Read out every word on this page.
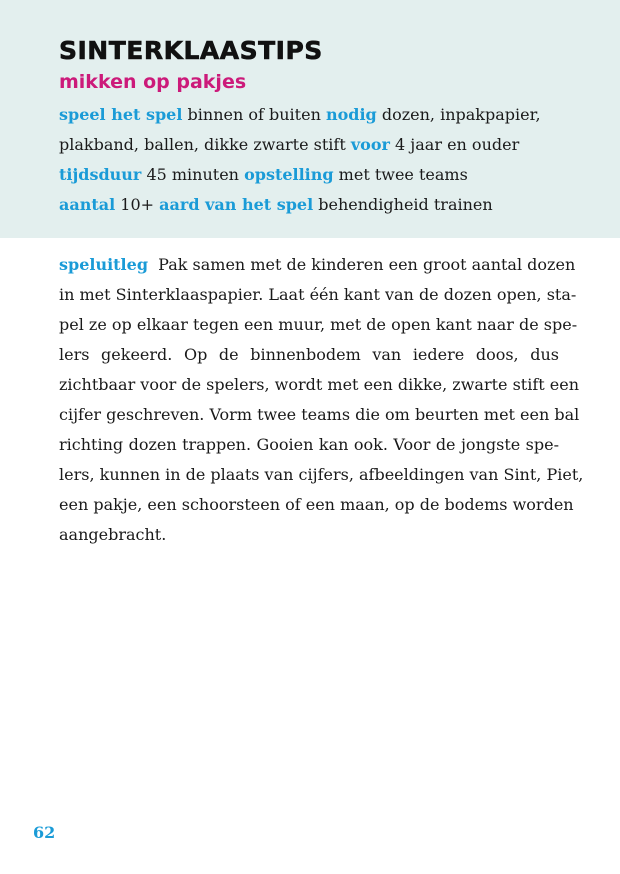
SINTERKLAASTIPS
mikken op pakjes
speel het spel binnen of buiten nodig dozen, inpakpapier,
plakband, ballen, dikke zwarte stift voor 4 jaar en ouder
tijdsduur 45 minuten opstelling met twee teams
aantal 10+ aard van het spel behendigheid trainen
speluitleg Pak samen met de kinderen een groot aantal dozen
in met Sinterklaaspapier. Laat één kant van de dozen open, sta-
pel ze op elkaar tegen een muur, met de open kant naar de spe-
lers gekeerd. Op de binnenbodem van iedere doos, dus
zichtbaar voor de spelers, wordt met een dikke, zwarte stift een
cijfer geschreven. Vorm twee teams die om beurten met een bal
richting dozen trappen. Gooien kan ook. Voor de jongste spe-
lers, kunnen in de plaats van cijfers, afbeeldingen van Sint, Piet,
een pakje, een schoorsteen of een maan, op de bodems worden
aangebracht.
62
